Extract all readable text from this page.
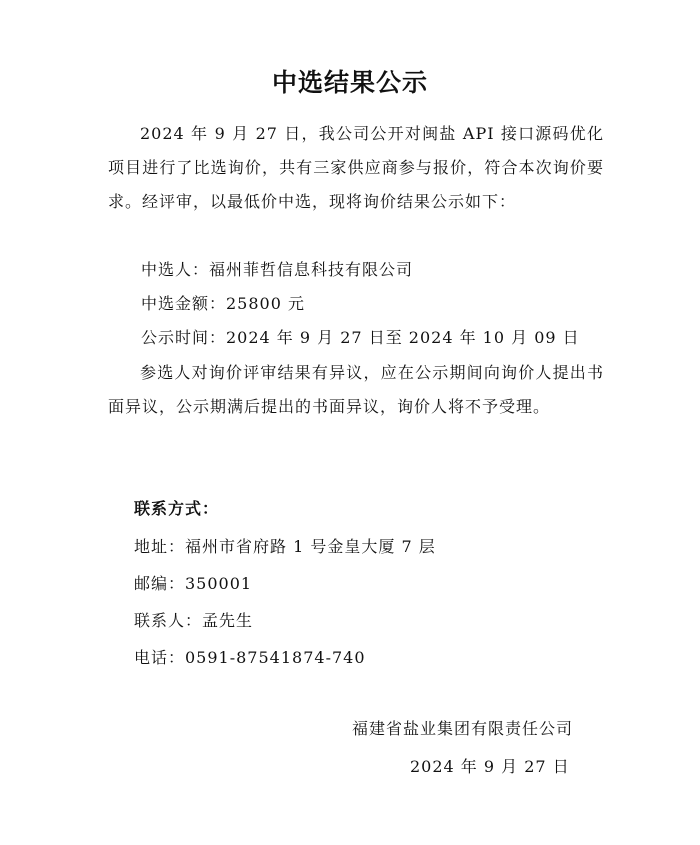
中选结果公示
2024 年 9 月 27 日，我公司公开对闽盐 API 接口源码优化项目进行了比选询价，共有三家供应商参与报价，符合本次询价要求。经评审，以最低价中选，现将询价结果公示如下：
中选人：福州菲哲信息科技有限公司
中选金额：25800 元
公示时间：2024 年 9 月 27 日至 2024 年 10 月 09 日
参选人对询价评审结果有异议，应在公示期间向询价人提出书面异议，公示期满后提出的书面异议，询价人将不予受理。
联系方式：
地址：福州市省府路 1 号金皇大厦 7 层
邮编：350001
联系人：孟先生
电话：0591-87541874-740
福建省盐业集团有限责任公司
2024 年 9 月 27 日
